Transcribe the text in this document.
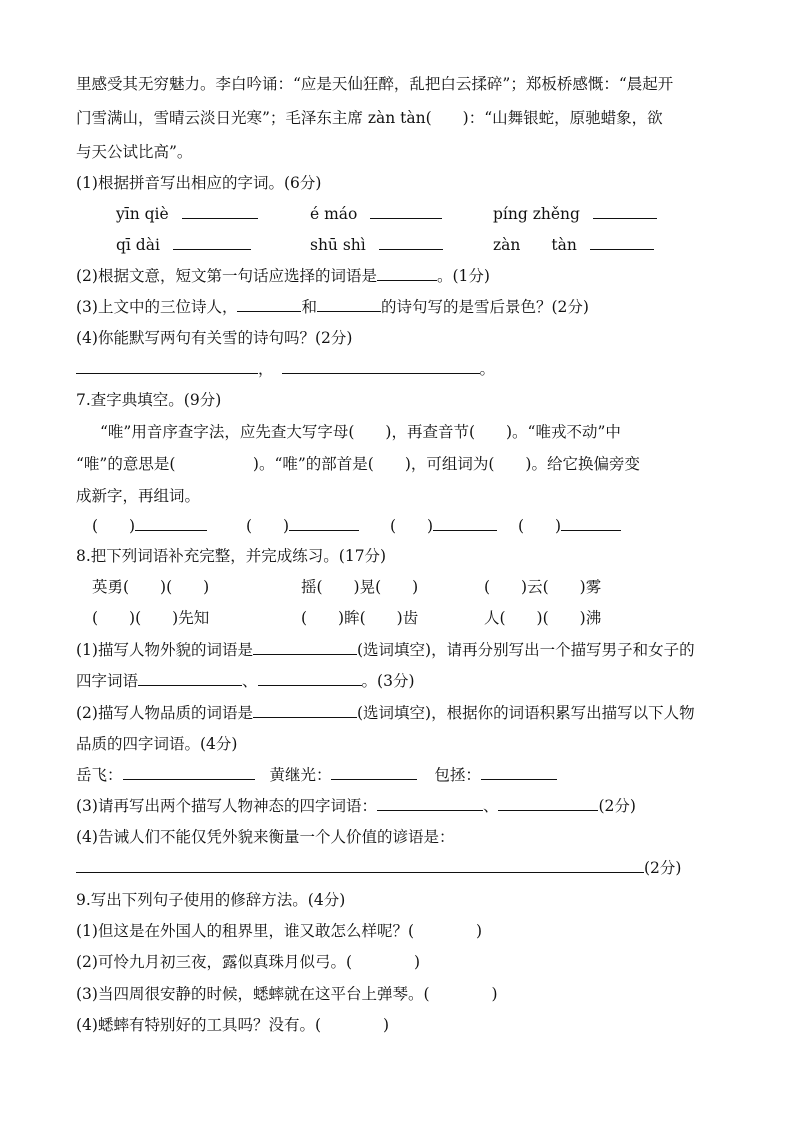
里感受其无穷魅力。李白吟诵：“应是天仙狂醉，乱把白云揉碎”；郑板桥感慨：“晨起开
门雪满山，雪晴云淡日光寒”；毛泽东主席 zàn tàn(　　)：“山舞银蛇，原驰蜡象，欲
与天公试比高”。
(1)根据拼音写出相应的字词。(6分)
yīn qiè	é máo	píng zhěng
qī dài	shū shì	zàn　　tàn
(2)根据文意，短文第一句话应选择的词语是	。(1分)
(3)上文中的三位诗人，	和	的诗句写的是雪后景色？(2分)
(4)你能默写两句有关雪的诗句吗？(2分)
，	。
7.查字典填空。(9分)
“唯”用音序查字法，应先查大写字母(　　)，再查音节(　　)。“唯戎不动”中
“唯”的意思是(　　　　　)。“唯”的部首是(　　)，可组词为(　　)。给它换偏旁变
成新字，再组词。
(　　)	(　　)	(　　)	(　　)
8.把下列词语补充完整，并完成练习。(17分)
英勇(　　)(　　)	摇(　　)晃(　　)	(　　)云(　　)雾
(　　)(　　)先知	(　　)眸(　　)齿	人(　　)(　　)沸
(1)描写人物外貌的词语是	(选词填空)，请再分别写出一个描写男子和女子的
四字词语	、	。(3分)
(2)描写人物品质的词语是	(选词填空)，根据你的词语积累写出描写以下人物
品质的四字词语。(4分)
岳飞：	黄继光：	包拯：
(3)请再写出两个描写人物神态的四字词语：	、	(2分)
(4)告诫人们不能仅凭外貌来衡量一个人价值的谚语是：
(2分)
9.写出下列句子使用的修辞方法。(4分)
(1)但这是在外国人的租界里，谁又敢怎么样呢？(　　　　)
(2)可怜九月初三夜，露似真珠月似弓。(　　　　)
(3)当四周很安静的时候，蟋蟀就在这平台上弹琴。(　　　　)
(4)蟋蟀有特别好的工具吗？没有。(　　　　)
